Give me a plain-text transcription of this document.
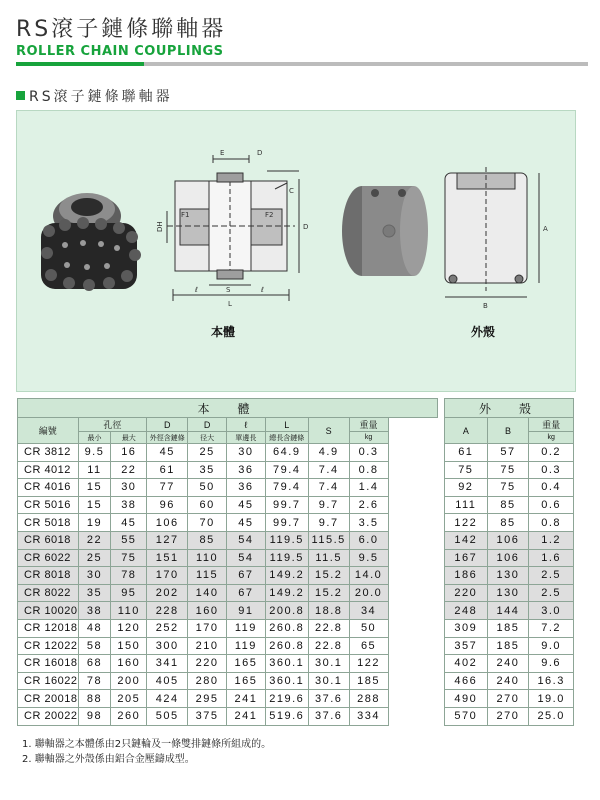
RS滾子鏈條聯軸器
ROLLER CHAIN COUPLINGS
RS滾子鏈條聯軸器
E	D
C
F1	F2
DH	D
S
ℓ	ℓ
L
本體
A
B
外殼
本　體								
編號	孔徑		D	D	ℓ	L	S	重量
	最小	最大	外徑含鏈條	径大	單邊長	總長含鏈條		kg
CR 3812	9.5	16	45	25	30	64.9	4.9	0.3
CR 4012	11	22	61	35	36	79.4	7.4	0.8
CR 4016	15	30	77	50	36	79.4	7.4	1.4
CR 5016	15	38	96	60	45	99.7	9.7	2.6
CR 5018	19	45	106	70	45	99.7	9.7	3.5
CR 6018	22	55	127	85	54	119.5	115.5	6.0
CR 6022	25	75	151	110	54	119.5	11.5	9.5
CR 8018	30	78	170	115	67	149.2	15.2	14.0
CR 8022	35	95	202	140	67	149.2	15.2	20.0
CR 10020	38	110	228	160	91	200.8	18.8	34
CR 12018	48	120	252	170	119	260.8	22.8	50
CR 12022	58	150	300	210	119	260.8	22.8	65
CR 16018	68	160	341	220	165	360.1	30.1	122
CR 16022	78	200	405	280	165	360.1	30.1	185
CR 20018	88	205	424	295	241	219.6	37.6	288
CR 20022	98	260	505	375	241	519.6	37.6	334
外　殼		
A	B	重量
		kg
61	57	0.2
75	75	0.3
92	75	0.4
111	85	0.6
122	85	0.8
142	106	1.2
167	106	1.6
186	130	2.5
220	130	2.5
248	144	3.0
309	185	7.2
357	185	9.0
402	240	9.6
466	240	16.3
490	270	19.0
570	270	25.0
1. 聯軸器之本體係由2只鏈輪及一條雙排鏈條所組成的。
2. 聯軸器之外殼係由鋁合金壓鑄成型。
